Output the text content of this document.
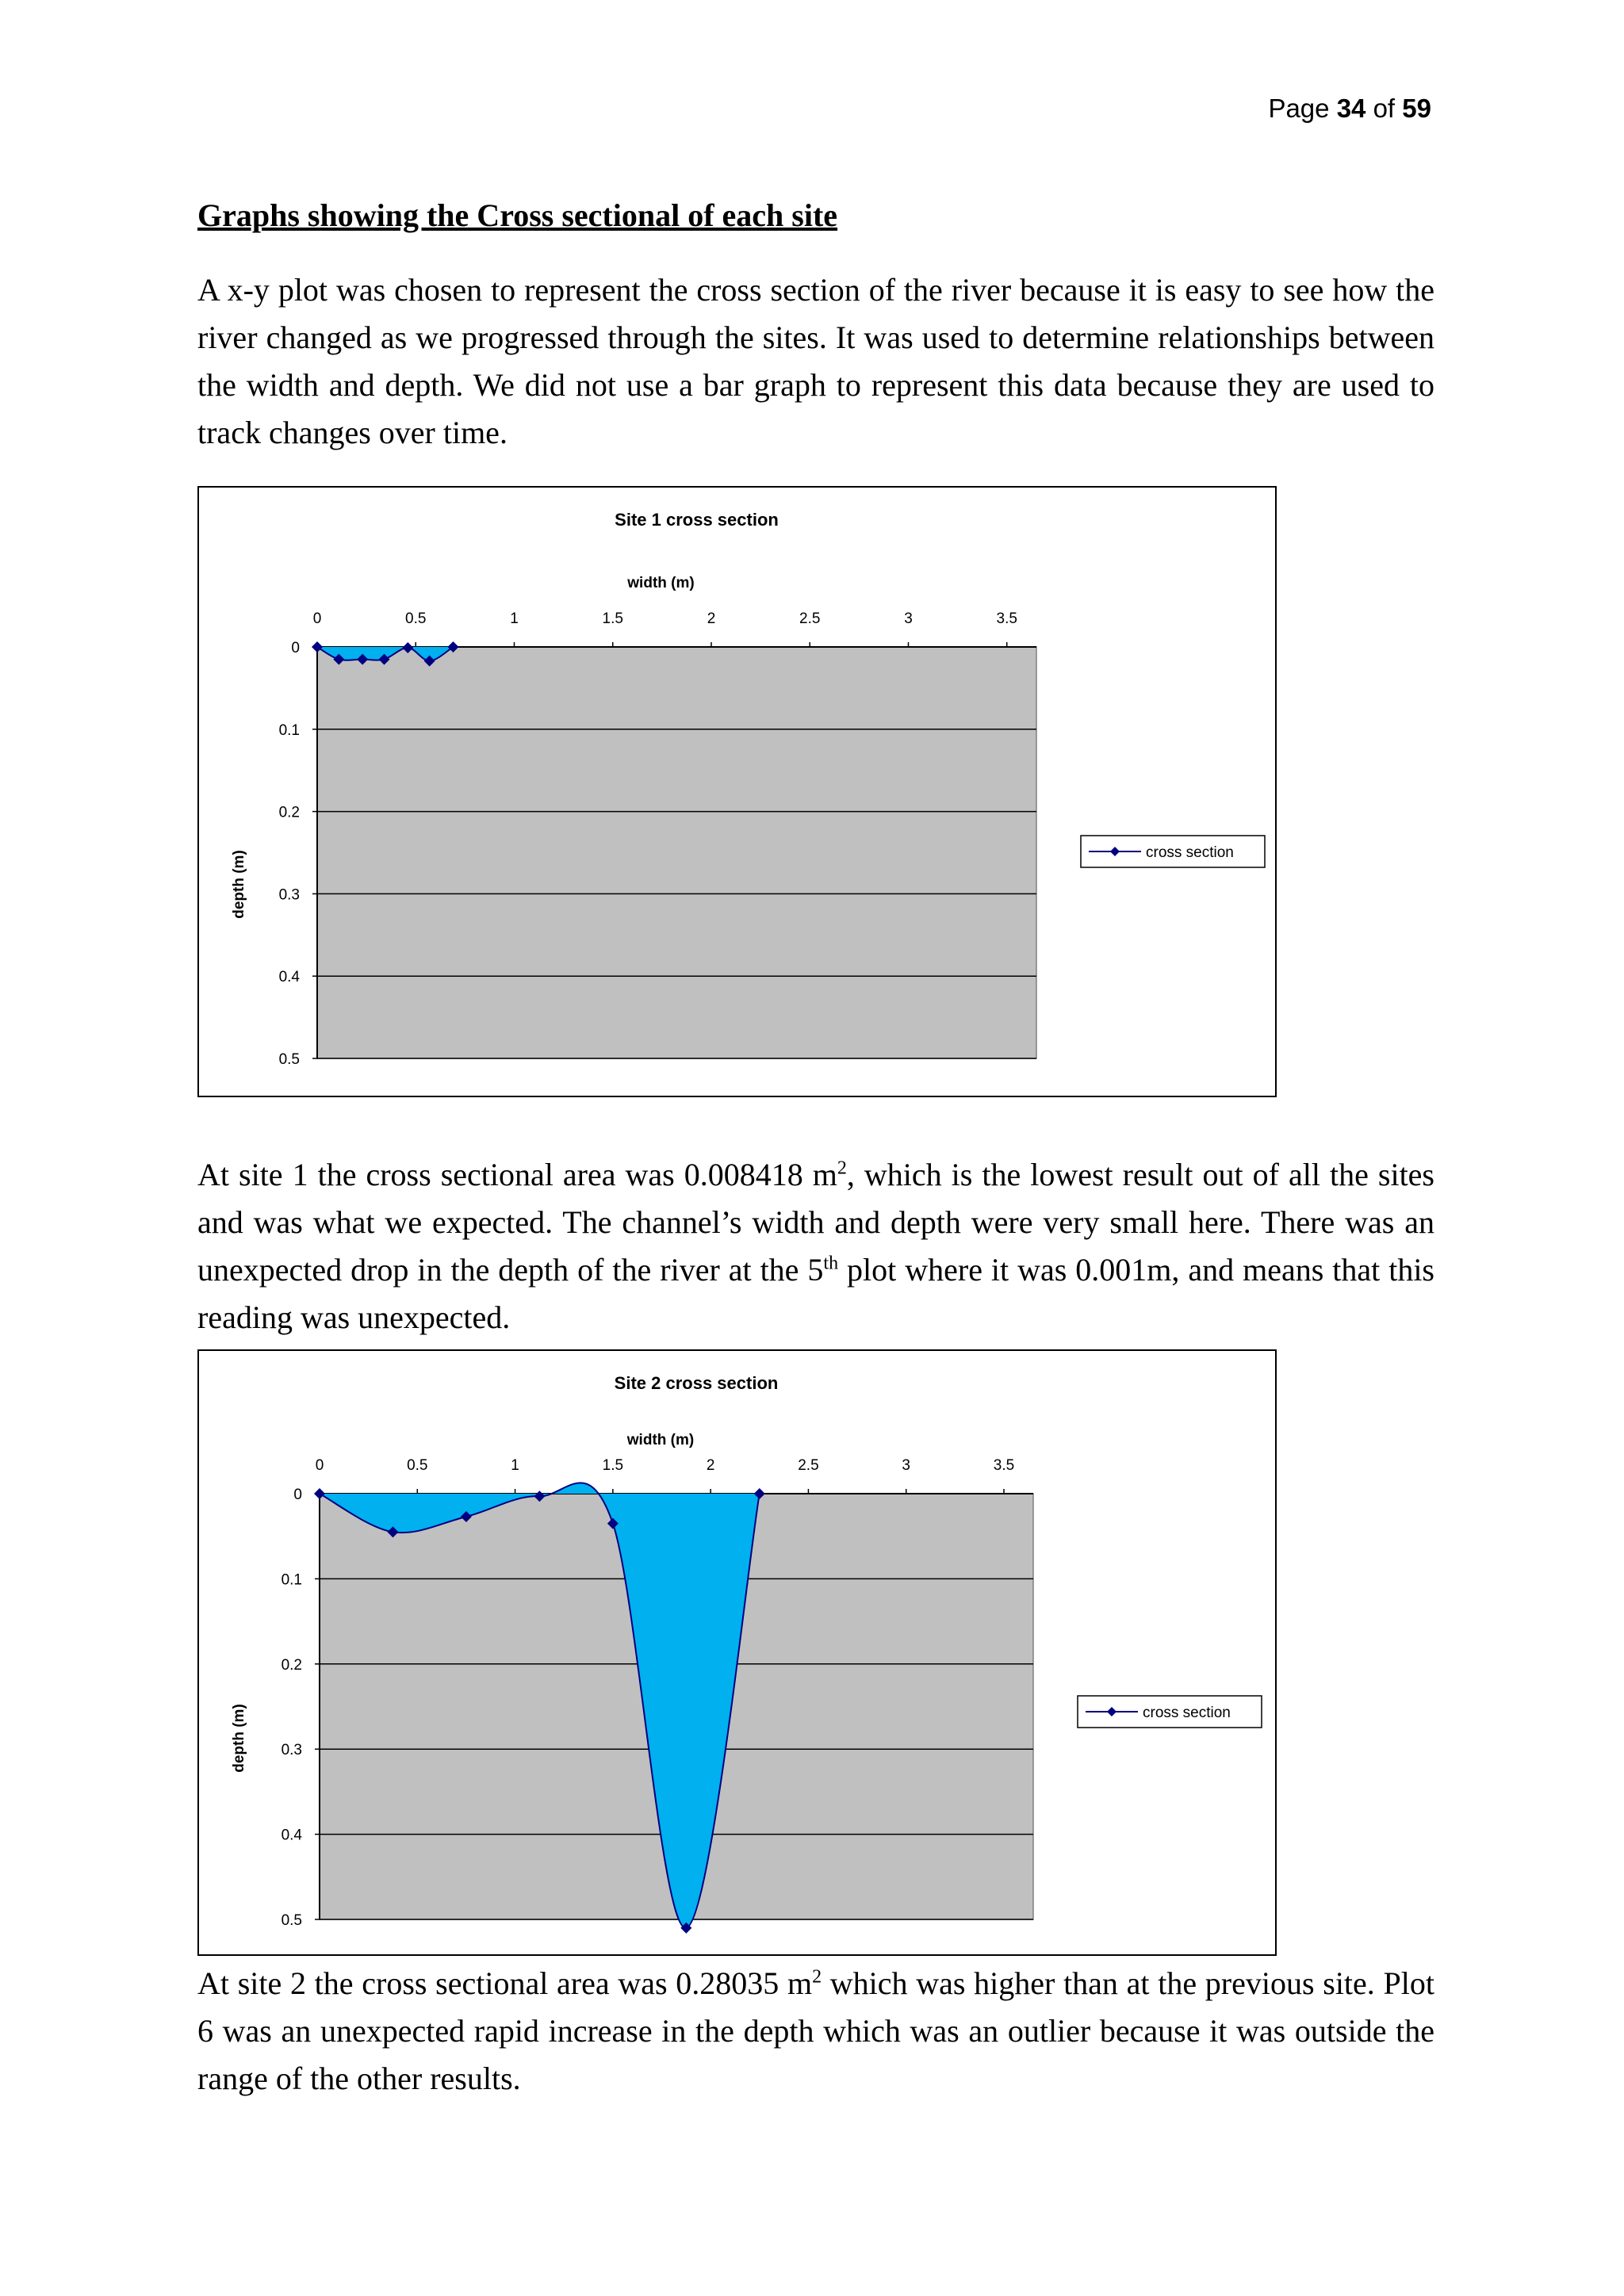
Page 34 of 59
Graphs showing the Cross sectional of each site

A x-y plot was chosen to represent the cross section of the river because it is easy to see how the river changed as we progressed through the sites. It was used to determine relationships between the width and depth. We did not use a bar graph to represent this data because they are used to track changes over time.

0
0.1
0.2
0.3
0.4
0.5
0	0.5	1	1.5	2	2.5	3	3.5
Site 1 cross section
width (m)
depth (m)	cross section

At site 1 the cross sectional area was 0.008418 $m^2$, which is the lowest result out of all the sites and was what we expected. The channel’s width and depth were very small here. There was an unexpected drop in the depth of the river at the 5th plot where it was 0.001m, and means that this reading was unexpected.

0
0.1
0.2
0.3
0.4
0.5
0	0.5	1	1.5	2	2.5	3	3.5
Site 2 cross section
width (m)
depth (m)	cross section

At site 2 the cross sectional area was 0.28035 $m^2$ which was higher than at the previous site. Plot 6 was an unexpected rapid increase in the depth which was an outlier because it was outside the range of the other results.
